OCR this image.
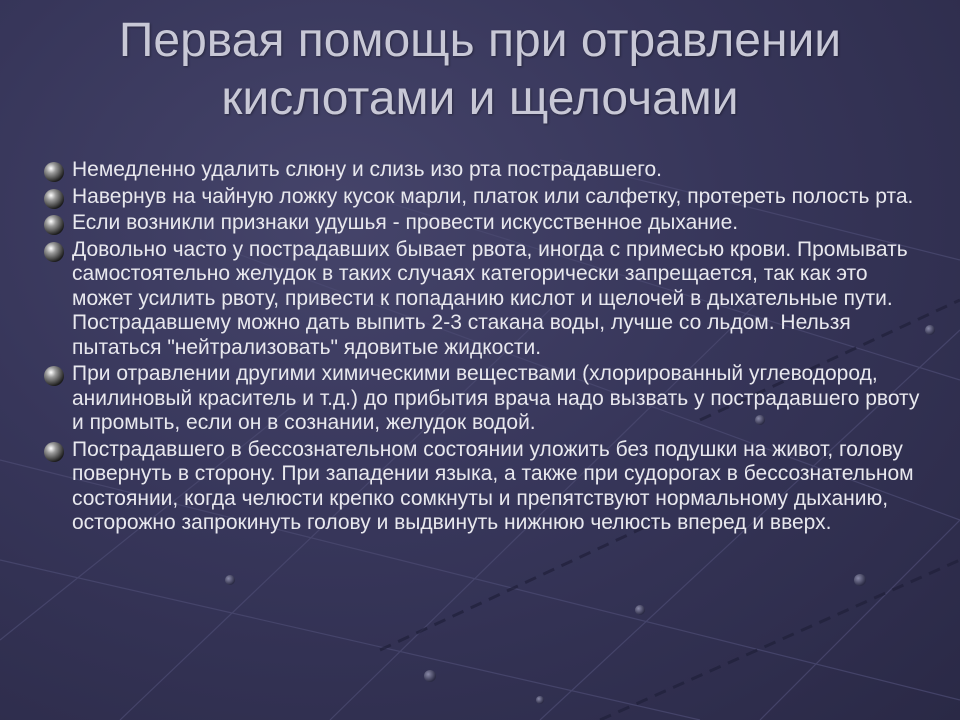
Первая помощь при отравлении
кислотами и щелочами
Немедленно удалить слюну и слизь изо рта пострадавшего.
Навернув на чайную ложку кусок марли, платок или салфетку, протереть полость рта.
Если возникли признаки удушья - провести искусственное дыхание.
Довольно часто у пострадавших бывает рвота, иногда с примесью крови. Промывать самостоятельно желудок в таких случаях категорически запрещается, так как это может усилить рвоту, привести к попаданию кислот и щелочей в дыхательные пути. Пострадавшему можно дать выпить 2-3 стакана воды, лучше со льдом. Нельзя пытаться "нейтрализовать" ядовитые жидкости.
При отравлении другими химическими веществами (хлорированный углеводород, анилиновый краситель и т.д.) до прибытия врача надо вызвать у пострадавшего рвоту и промыть, если он в сознании, желудок водой.
Пострадавшего в бессознательном состоянии уложить без подушки на живот, голову повернуть в сторону. При западении языка, а также при судорогах в бессознательном состоянии, когда челюсти крепко сомкнуты и препятствуют нормальному дыханию, осторожно запрокинуть голову и выдвинуть нижнюю челюсть вперед и вверх.
